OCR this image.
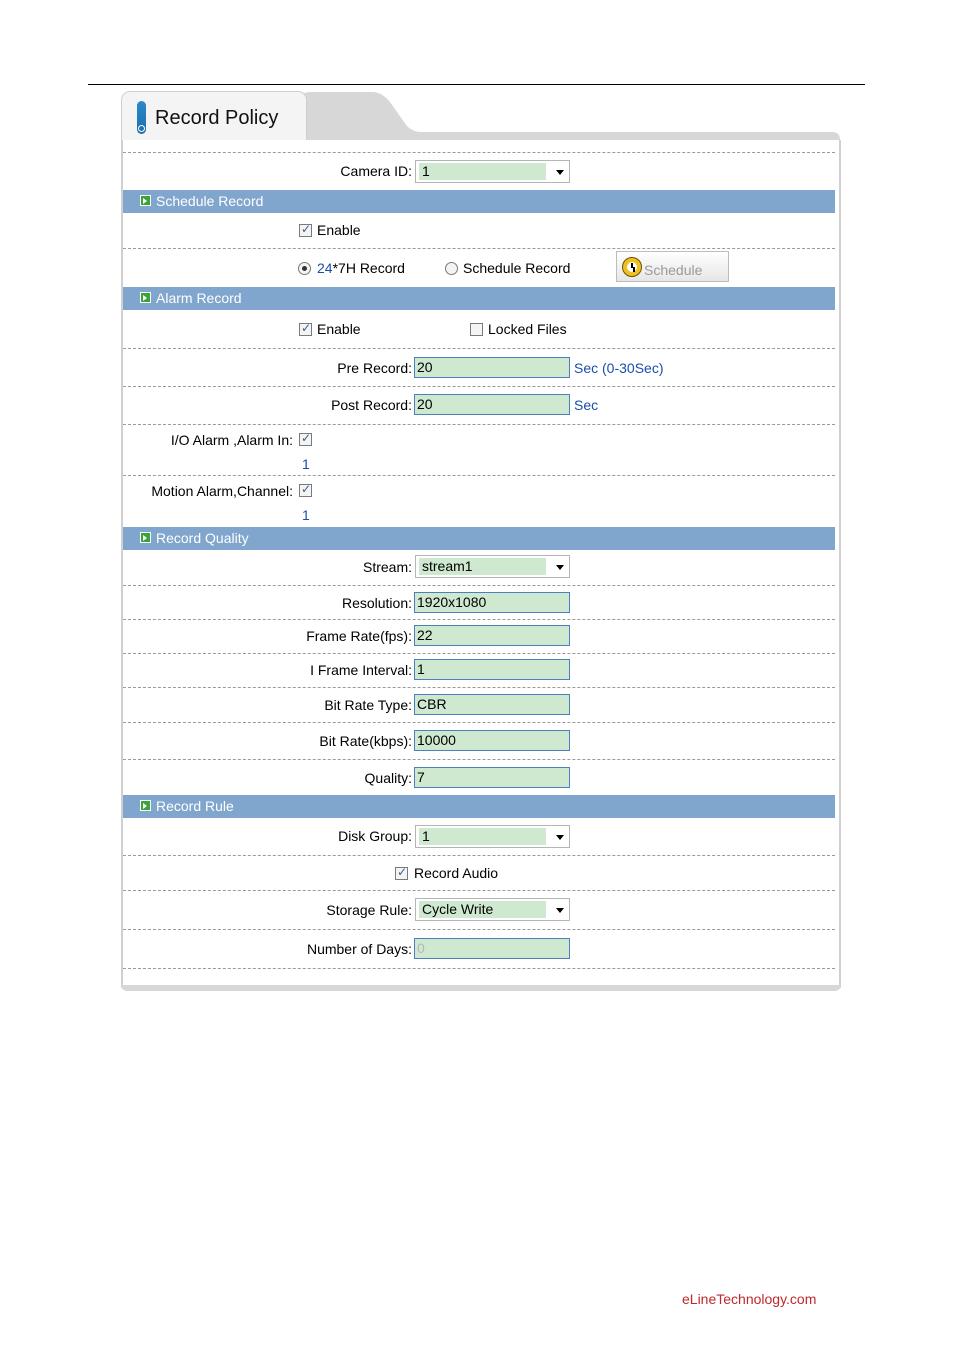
Record Policy
Camera ID: 1
Schedule Record
✓
Enable
24*7H Record	Schedule Record	Schedule
Alarm Record
✓
Enable	Locked Files
Pre Record: 20	Sec (0-30Sec)
Post Record: 20	Sec
I/O Alarm ,Alarm In:
✓
1
Motion Alarm,Channel:
✓
1
Record Quality
Stream: stream1
Resolution: 1920x1080
Frame Rate(fps): 22
I Frame Interval: 1
Bit Rate Type: CBR
Bit Rate(kbps): 10000
Quality: 7
Record Rule
Disk Group: 1
✓
Record Audio
Storage Rule: Cycle Write
Number of Days: 0
eLineTechnology.com
